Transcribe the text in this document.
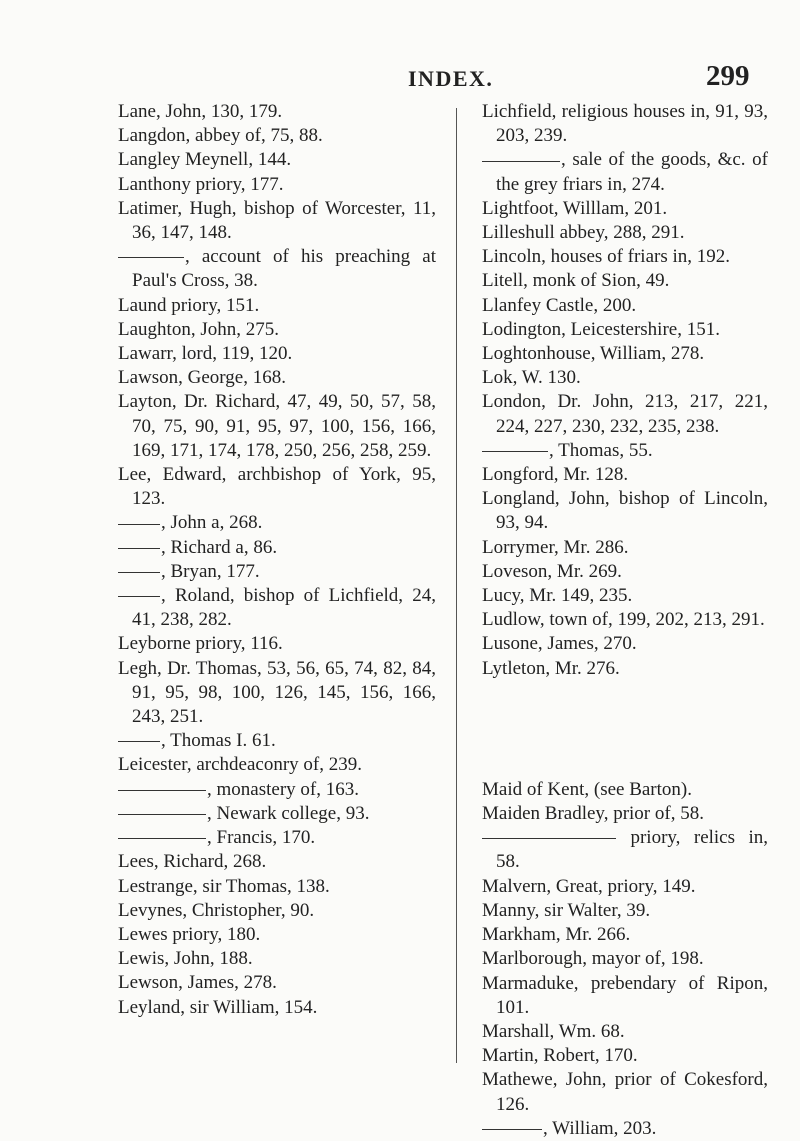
INDEX.	299
Lane, John, 130, 179.
Langdon, abbey of, 75, 88.
Langley Meynell, 144.
Lanthony priory, 177.
Latimer, Hugh, bishop of Worcester, 11, 36, 147, 148.
, account of his preaching at Paul's Cross, 38.
Laund priory, 151.
Laughton, John, 275.
Lawarr, lord, 119, 120.
Lawson, George, 168.
Layton, Dr. Richard, 47, 49, 50, 57, 58, 70, 75, 90, 91, 95, 97, 100, 156, 166, 169, 171, 174, 178, 250, 256, 258, 259.
Lee, Edward, archbishop of York, 95, 123.
, John a, 268.
, Richard a, 86.
, Bryan, 177.
, Roland, bishop of Lichfield, 24, 41, 238, 282.
Leyborne priory, 116.
Legh, Dr. Thomas, 53, 56, 65, 74, 82, 84, 91, 95, 98, 100, 126, 145, 156, 166, 243, 251.
, Thomas I. 61.
Leicester, archdeaconry of, 239.
, monastery of, 163.
, Newark college, 93.
, Francis, 170.
Lees, Richard, 268.
Lestrange, sir Thomas, 138.
Levynes, Christopher, 90.
Lewes priory, 180.
Lewis, John, 188.
Lewson, James, 278.
Leyland, sir William, 154.
Lichfield, religious houses in, 91, 93, 203, 239.
, sale of the goods, &c. of the grey friars in, 274.
Lightfoot, Willlam, 201.
Lilleshull abbey, 288, 291.
Lincoln, houses of friars in, 192.
Litell, monk of Sion, 49.
Llanfey Castle, 200.
Lodington, Leicestershire, 151.
Loghtonhouse, William, 278.
Lok, W. 130.
London, Dr. John, 213, 217, 221, 224, 227, 230, 232, 235, 238.
, Thomas, 55.
Longford, Mr. 128.
Longland, John, bishop of Lincoln, 93, 94.
Lorrymer, Mr. 286.
Loveson, Mr. 269.
Lucy, Mr. 149, 235.
Ludlow, town of, 199, 202, 213, 291.
Lusone, James, 270.
Lytleton, Mr. 276.
Maid of Kent, (see Barton).
Maiden Bradley, prior of, 58.
priory, relics in, 58.
Malvern, Great, priory, 149.
Manny, sir Walter, 39.
Markham, Mr. 266.
Marlborough, mayor of, 198.
Marmaduke, prebendary of Ripon, 101.
Marshall, Wm. 68.
Martin, Robert, 170.
Mathewe, John, prior of Cokesford, 126.
, William, 203.
